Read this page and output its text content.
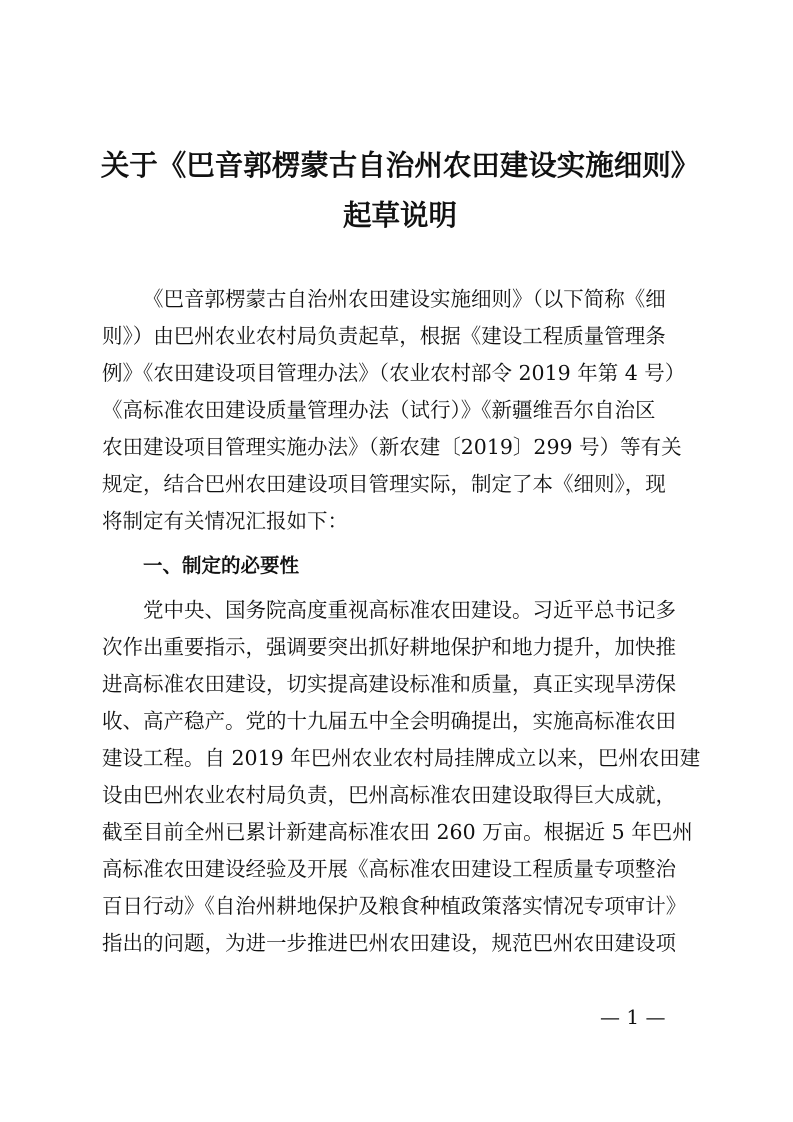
关于《巴音郭楞蒙古自治州农田建设实施细则》
起草说明
《巴音郭楞蒙古自治州农田建设实施细则》（以下简称《细
则》）由巴州农业农村局负责起草，根据《建设工程质量管理条
例》《农田建设项目管理办法》（农业农村部令 2019 年第 4 号）
《高标准农田建设质量管理办法（试行）》《新疆维吾尔自治区
农田建设项目管理实施办法》（新农建〔2019〕299 号）等有关
规定，结合巴州农田建设项目管理实际，制定了本《细则》，现
将制定有关情况汇报如下：
一、制定的必要性
党中央、国务院高度重视高标准农田建设。习近平总书记多
次作出重要指示，强调要突出抓好耕地保护和地力提升，加快推
进高标准农田建设，切实提高建设标准和质量，真正实现旱涝保
收、高产稳产。党的十九届五中全会明确提出，实施高标准农田
建设工程。自 2019 年巴州农业农村局挂牌成立以来，巴州农田建
设由巴州农业农村局负责，巴州高标准农田建设取得巨大成就，
截至目前全州已累计新建高标准农田 260 万亩。根据近 5 年巴州
高标准农田建设经验及开展《高标准农田建设工程质量专项整治
百日行动》《自治州耕地保护及粮食种植政策落实情况专项审计》
指出的问题，为进一步推进巴州农田建设，规范巴州农田建设项
— 1 —
